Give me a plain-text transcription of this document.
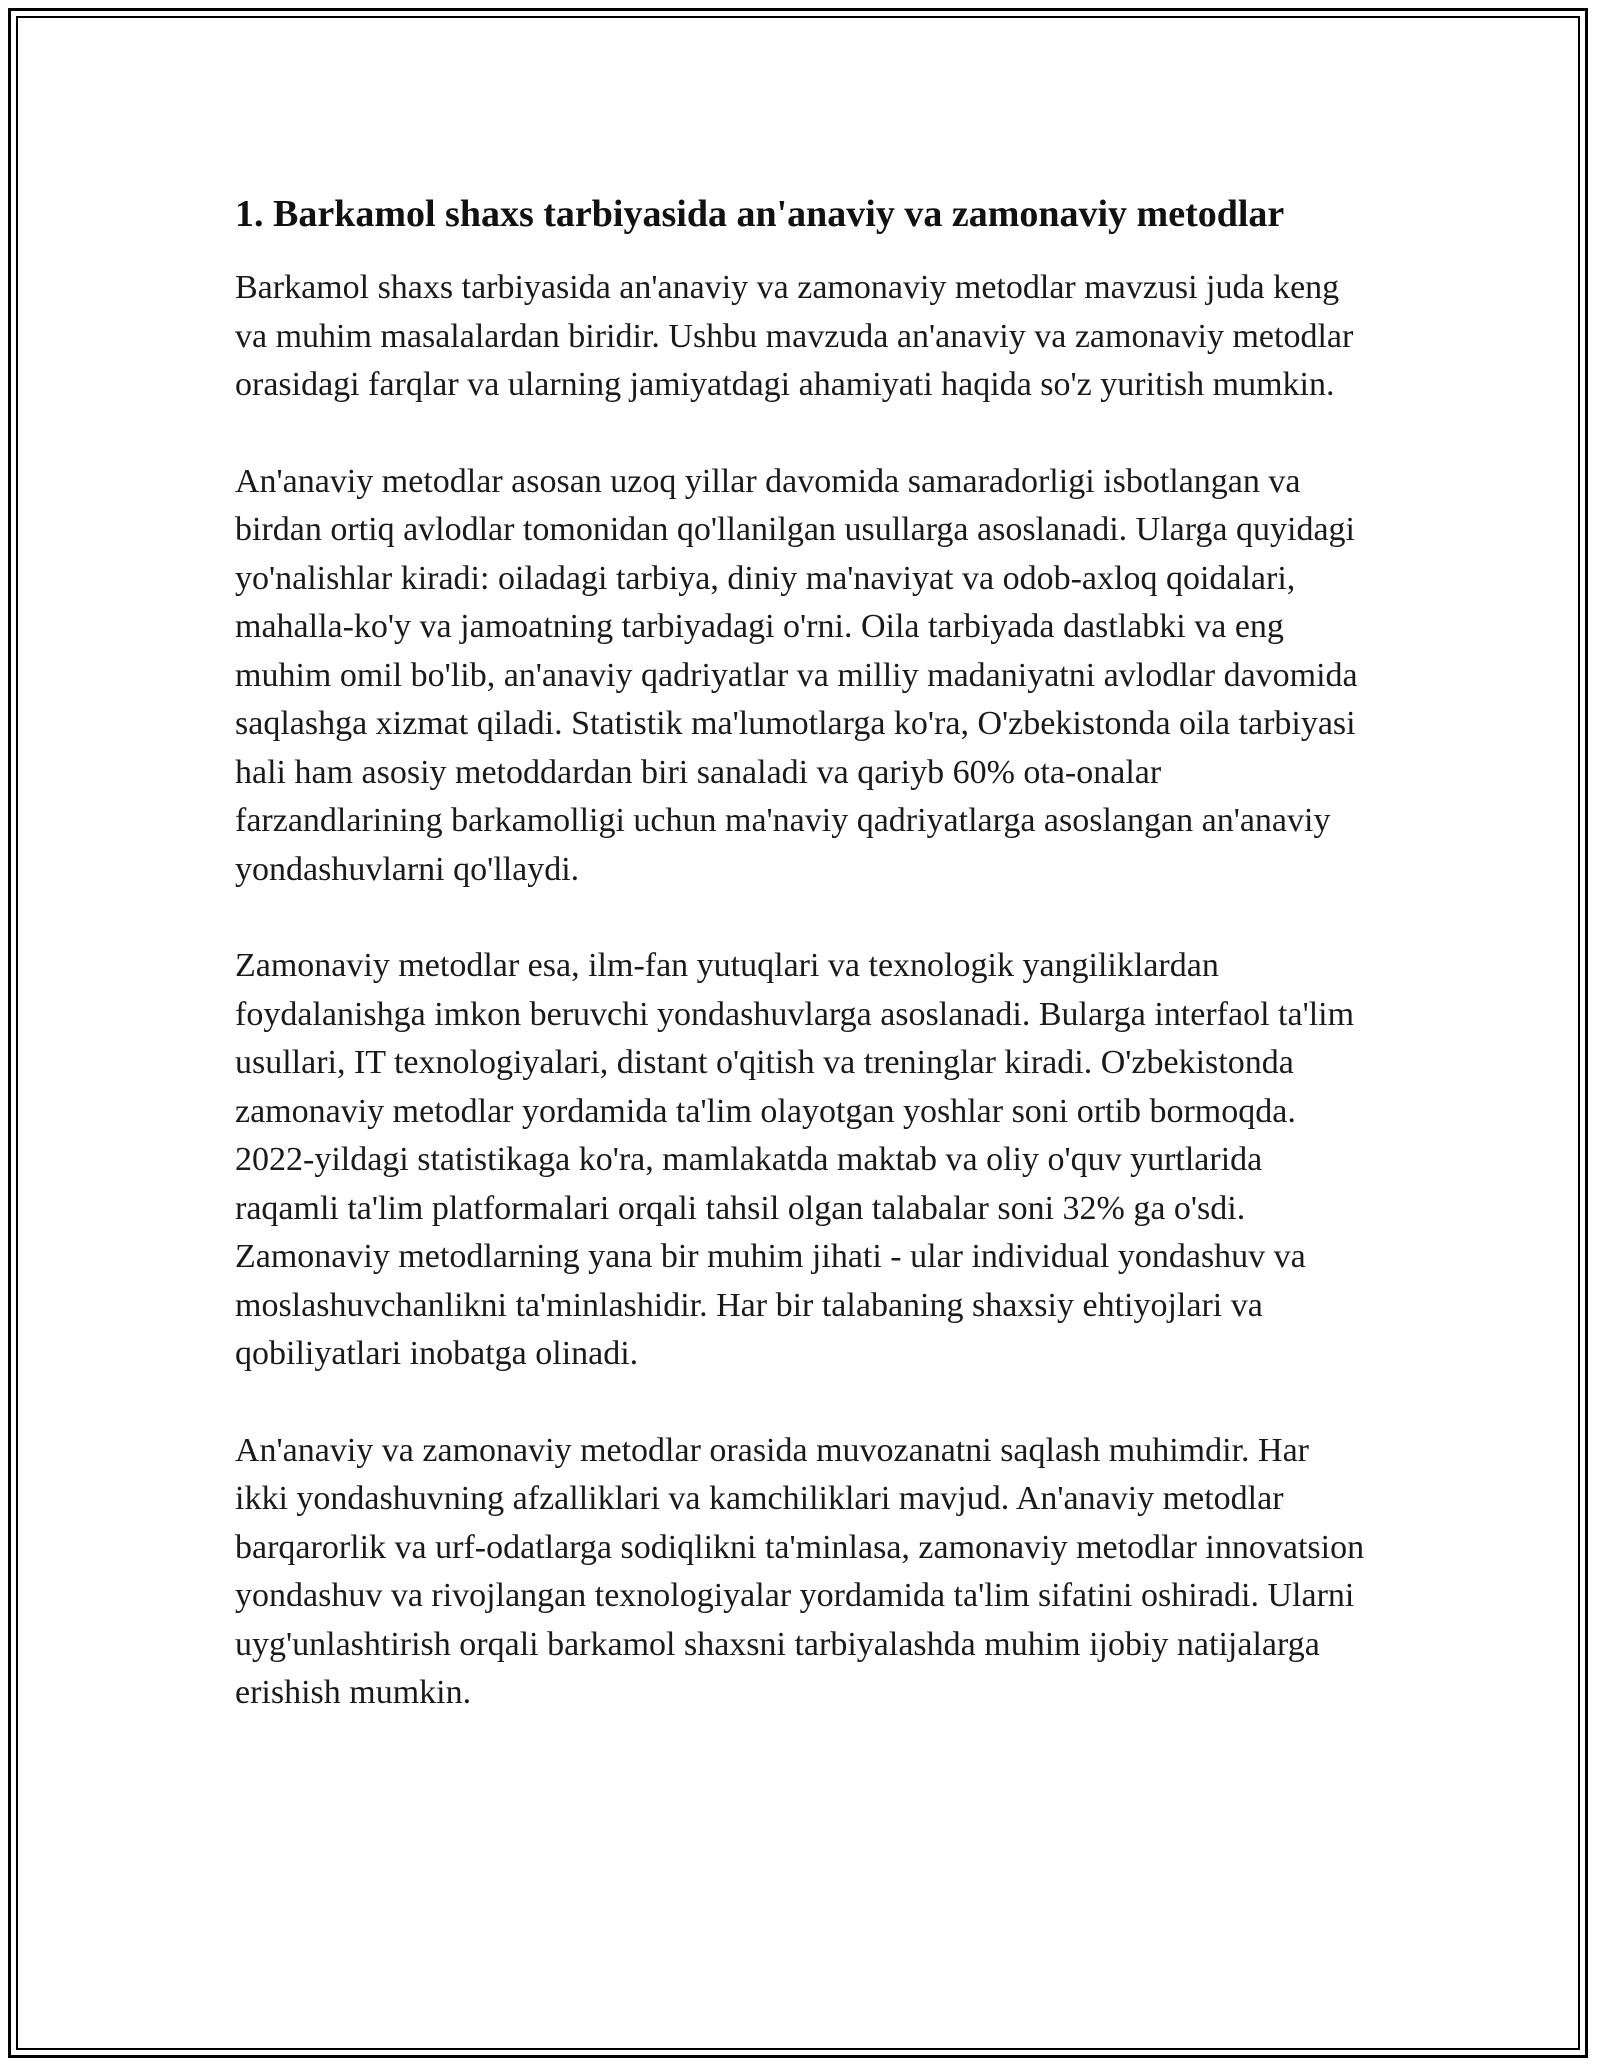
1. Barkamol shaxs tarbiyasida an'anaviy va zamonaviy metodlar

Barkamol shaxs tarbiyasida an'anaviy va zamonaviy metodlar mavzusi juda keng va muhim masalalardan biridir. Ushbu mavzuda an'anaviy va zamonaviy metodlar orasidagi farqlar va ularning jamiyatdagi ahamiyati haqida so'z yuritish mumkin.

An'anaviy metodlar asosan uzoq yillar davomida samaradorligi isbotlangan va birdan ortiq avlodlar tomonidan qo'llanilgan usullarga asoslanadi. Ularga quyidagi yo'nalishlar kiradi: oiladagi tarbiya, diniy ma'naviyat va odob-axloq qoidalari, mahalla-ko'y va jamoatning tarbiyadagi o'rni. Oila tarbiyada dastlabki va eng muhim omil bo'lib, an'anaviy qadriyatlar va milliy madaniyatni avlodlar davomida saqlashga xizmat qiladi. Statistik ma'lumotlarga ko'ra, O'zbekistonda oila tarbiyasi hali ham asosiy metoddardan biri sanaladi va qariyb 60% ota-onalar farzandlarining barkamolligi uchun ma'naviy qadriyatlarga asoslangan an'anaviy yondashuvlarni qo'llaydi.

Zamonaviy metodlar esa, ilm-fan yutuqlari va texnologik yangiliklardan foydalanishga imkon beruvchi yondashuvlarga asoslanadi. Bularga interfaol ta'lim usullari, IT texnologiyalari, distant o'qitish va treninglar kiradi. O'zbekistonda zamonaviy metodlar yordamida ta'lim olayotgan yoshlar soni ortib bormoqda. 2022-yildagi statistikaga ko'ra, mamlakatda maktab va oliy o'quv yurtlarida raqamli ta'lim platformalari orqali tahsil olgan talabalar soni 32% ga o'sdi. Zamonaviy metodlarning yana bir muhim jihati - ular individual yondashuv va moslashuvchanlikni ta'minlashidir. Har bir talabaning shaxsiy ehtiyojlari va qobiliyatlari inobatga olinadi.

An'anaviy va zamonaviy metodlar orasida muvozanatni saqlash muhimdir. Har ikki yondashuvning afzalliklari va kamchiliklari mavjud. An'anaviy metodlar barqarorlik va urf-odatlarga sodiqlikni ta'minlasa, zamonaviy metodlar innovatsion yondashuv va rivojlangan texnologiyalar yordamida ta'lim sifatini oshiradi. Ularni uyg'unlashtirish orqali barkamol shaxsni tarbiyalashda muhim ijobiy natijalarga erishish mumkin.
